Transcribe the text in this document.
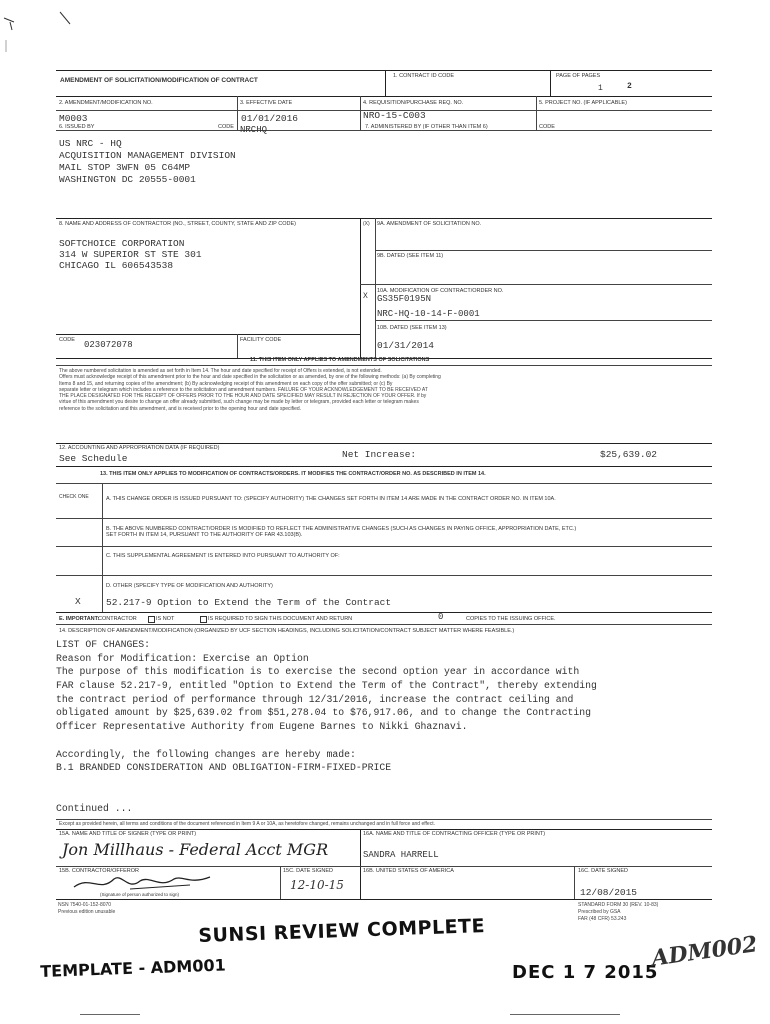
AMENDMENT OF SOLICITATION/MODIFICATION OF CONTRACT
1. CONTRACT ID CODE	PAGE OF PAGES
1	2
2. AMENDMENT/MODIFICATION NO.
M0003
3. EFFECTIVE DATE
01/01/2016
4. REQUISITION/PURCHASE REQ. NO.
NRO-15-C003
5. PROJECT NO. (IF APPLICABLE)
6. ISSUED BY	CODE NRCHQ	7. ADMINISTERED BY (IF OTHER THAN ITEM 6)	CODE
US NRC - HQ
ACQUISITION MANAGEMENT DIVISION
MAIL STOP 3WFN 05 C64MP
WASHINGTON DC 20555-0001
8. NAME AND ADDRESS OF CONTRACTOR (NO., STREET, COUNTY, STATE AND ZIP CODE)
SOFTCHOICE CORPORATION
314 W SUPERIOR ST STE 301
CHICAGO IL 606543538
(X) 9A. AMENDMENT OF SOLICITATION NO.
9B. DATED (SEE ITEM 11)
X
10A. MODIFICATION OF CONTRACT/ORDER NO.
GS35F0195N
NRC-HQ-10-14-F-0001
10B. DATED (SEE ITEM 13)
01/31/2014
CODE 023072078	FACILITY CODE
11. THIS ITEM ONLY APPLIES TO AMENDMENTS OF SOLICITATIONS
The above numbered solicitation is amended as set forth in Item 14. The hour and date specified for receipt of Offers is extended, is not extended.
Offers must acknowledge receipt of this amendment prior to the hour and date specified in the solicitation or as amended, by one of the following methods: (a) By completing
Items 8 and 15, and returning copies of the amendment; (b) By acknowledging receipt of this amendment on each copy of the offer submitted; or (c) By
separate letter or telegram which includes a reference to the solicitation and amendment numbers. FAILURE OF YOUR ACKNOWLEDGEMENT TO BE RECEIVED AT
THE PLACE DESIGNATED FOR THE RECEIPT OF OFFERS PRIOR TO THE HOUR AND DATE SPECIFIED MAY RESULT IN REJECTION OF YOUR OFFER. If by
virtue of this amendment you desire to change an offer already submitted, such change may be made by letter or telegram, provided each letter or telegram makes
reference to the solicitation and this amendment, and is received prior to the opening hour and date specified.
12. ACCOUNTING AND APPROPRIATION DATA (IF REQUIRED)
See Schedule	Net Increase:	$25,639.02
13. THIS ITEM ONLY APPLIES TO MODIFICATION OF CONTRACTS/ORDERS. IT MODIFIES THE CONTRACT/ORDER NO. AS DESCRIBED IN ITEM 14.
CHECK ONE	A. THIS CHANGE ORDER IS ISSUED PURSUANT TO: (SPECIFY AUTHORITY) THE CHANGES SET FORTH IN ITEM 14 ARE MADE IN THE CONTRACT ORDER NO. IN ITEM 10A.
B. THE ABOVE NUMBERED CONTRACT/ORDER IS MODIFIED TO REFLECT THE ADMINISTRATIVE CHANGES (SUCH AS CHANGES IN PAYING OFFICE, APPROPRIATION DATE, ETC.) SET FORTH IN ITEM 14, PURSUANT TO THE AUTHORITY OF FAR 43.103(B).
C. THIS SUPPLEMENTAL AGREEMENT IS ENTERED INTO PURSUANT TO AUTHORITY OF:
D. OTHER (SPECIFY TYPE OF MODIFICATION AND AUTHORITY)
X	52.217-9 Option to Extend the Term of the Contract
E. IMPORTANT:
CONTRACTOR	IS NOT	IS REQUIRED TO SIGN THIS DOCUMENT AND RETURN	0	COPIES TO THE ISSUING OFFICE.
14. DESCRIPTION OF AMENDMENT/MODIFICATION (ORGANIZED BY UCF SECTION HEADINGS, INCLUDING SOLICITATION/CONTRACT SUBJECT MATTER WHERE FEASIBLE.)
LIST OF CHANGES:
Reason for Modification: Exercise an Option
The purpose of this modification is to exercise the second option year in accordance with
FAR clause 52.217-9, entitled "Option to Extend the Term of the Contract", thereby extending
the contract period of performance through 12/31/2016, increase the contract ceiling and
obligated amount by $25,639.02 from $51,278.04 to $76,917.06, and to change the Contracting
Officer Representative Authority from Eugene Barnes to Nikki Ghaznavi.
Accordingly, the following changes are hereby made:
B.1 BRANDED CONSIDERATION AND OBLIGATION-FIRM-FIXED-PRICE
Continued ...
Except as provided herein, all terms and conditions of the document referenced in Item 9 A or 10A, as heretofore changed, remains unchanged and in full force and effect.
15A. NAME AND TITLE OF SIGNER (TYPE OR PRINT)	16A. NAME AND TITLE OF CONTRACTING OFFICER (TYPE OR PRINT)
Jon Millhaus - Federal Acct MGR	SANDRA HARRELL
15B. CONTRACTOR/OFFEROR
(Signature of person authorized to sign)
15C. DATE SIGNED
12-10-15
16B. UNITED STATES OF AMERICA	16C. DATE SIGNED
12/08/2015
NSN 7540-01-152-8070
Previous edition unusable
STANDARD FORM 30 (REV. 10-83)
Prescribed by GSA
FAR (48 CFR) 53.243
SUNSI REVIEW COMPLETE
TEMPLATE - ADM001	DEC 1 7 2015
ADM002
